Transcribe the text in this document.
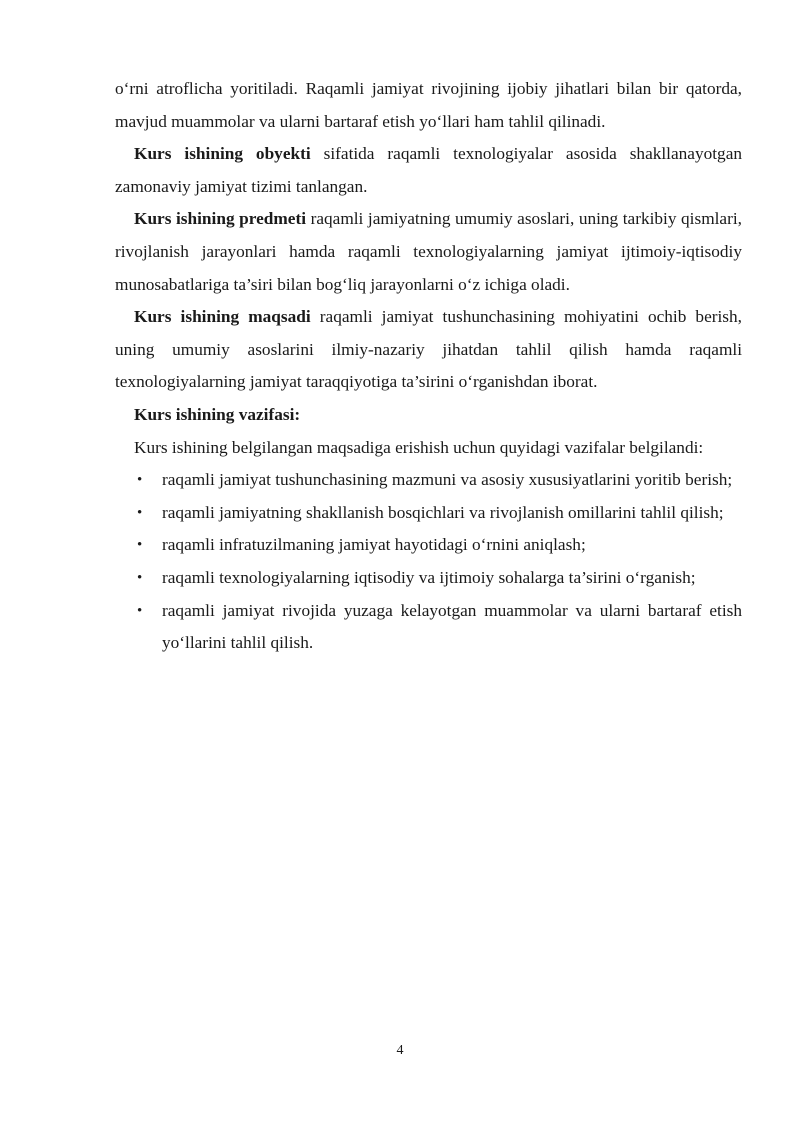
o‘rni atroflicha yoritiladi. Raqamli jamiyat rivojining ijobiy jihatlari bilan bir qatorda, mavjud muammolar va ularni bartaraf etish yo‘llari ham tahlil qilinadi.

Kurs ishining obyekti sifatida raqamli texnologiyalar asosida shakllanayotgan zamonaviy jamiyat tizimi tanlangan.

Kurs ishining predmeti raqamli jamiyatning umumiy asoslari, uning tarkibiy qismlari, rivojlanish jarayonlari hamda raqamli texnologiyalarning jamiyat ijtimoiy-iqtisodiy munosabatlariga ta’siri bilan bog‘liq jarayonlarni o‘z ichiga oladi.

Kurs ishining maqsadi raqamli jamiyat tushunchasining mohiyatini ochib berish, uning umumiy asoslarini ilmiy-nazariy jihatdan tahlil qilish hamda raqamli texnologiyalarning jamiyat taraqqiyotiga ta’sirini o‘rganishdan iborat.

Kurs ishining vazifasi:

Kurs ishining belgilangan maqsadiga erishish uchun quyidagi vazifalar belgilandi:

• raqamli jamiyat tushunchasining mazmuni va asosiy xususiyatlarini yoritib berish;
• raqamli jamiyatning shakllanish bosqichlari va rivojlanish omillarini tahlil qilish;
• raqamli infratuzilmaning jamiyat hayotidagi o‘rnini aniqlash;
• raqamli texnologiyalarning iqtisodiy va ijtimoiy sohalarga ta’sirini o‘rganish;
• raqamli jamiyat rivojida yuzaga kelayotgan muammolar va ularni bartaraf etish yo‘llarini tahlil qilish.
4
